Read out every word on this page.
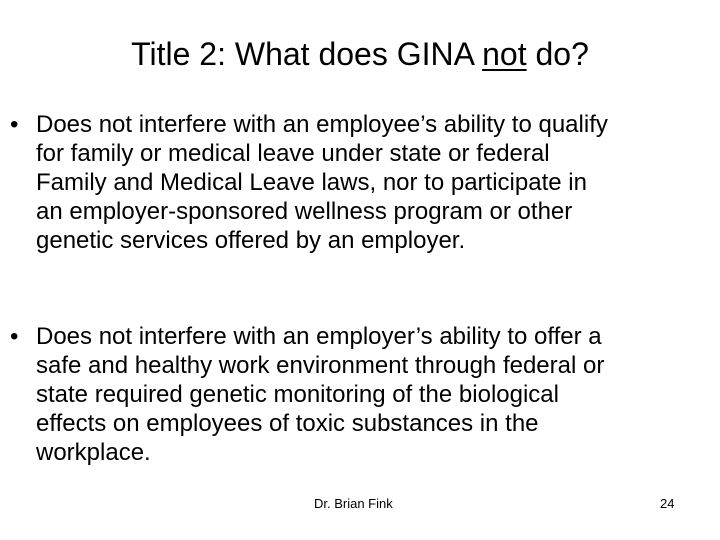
Title 2: What does GINA not do?
• Does not interfere with an employee’s ability to qualify
for family or medical leave under state or federal
Family and Medical Leave laws, nor to participate in
an employer-sponsored wellness program or other
genetic services offered by an employer.
• Does not interfere with an employer’s ability to offer a
safe and healthy work environment through federal or
state required genetic monitoring of the biological
effects on employees of toxic substances in the
workplace.
Dr. Brian Fink	24
